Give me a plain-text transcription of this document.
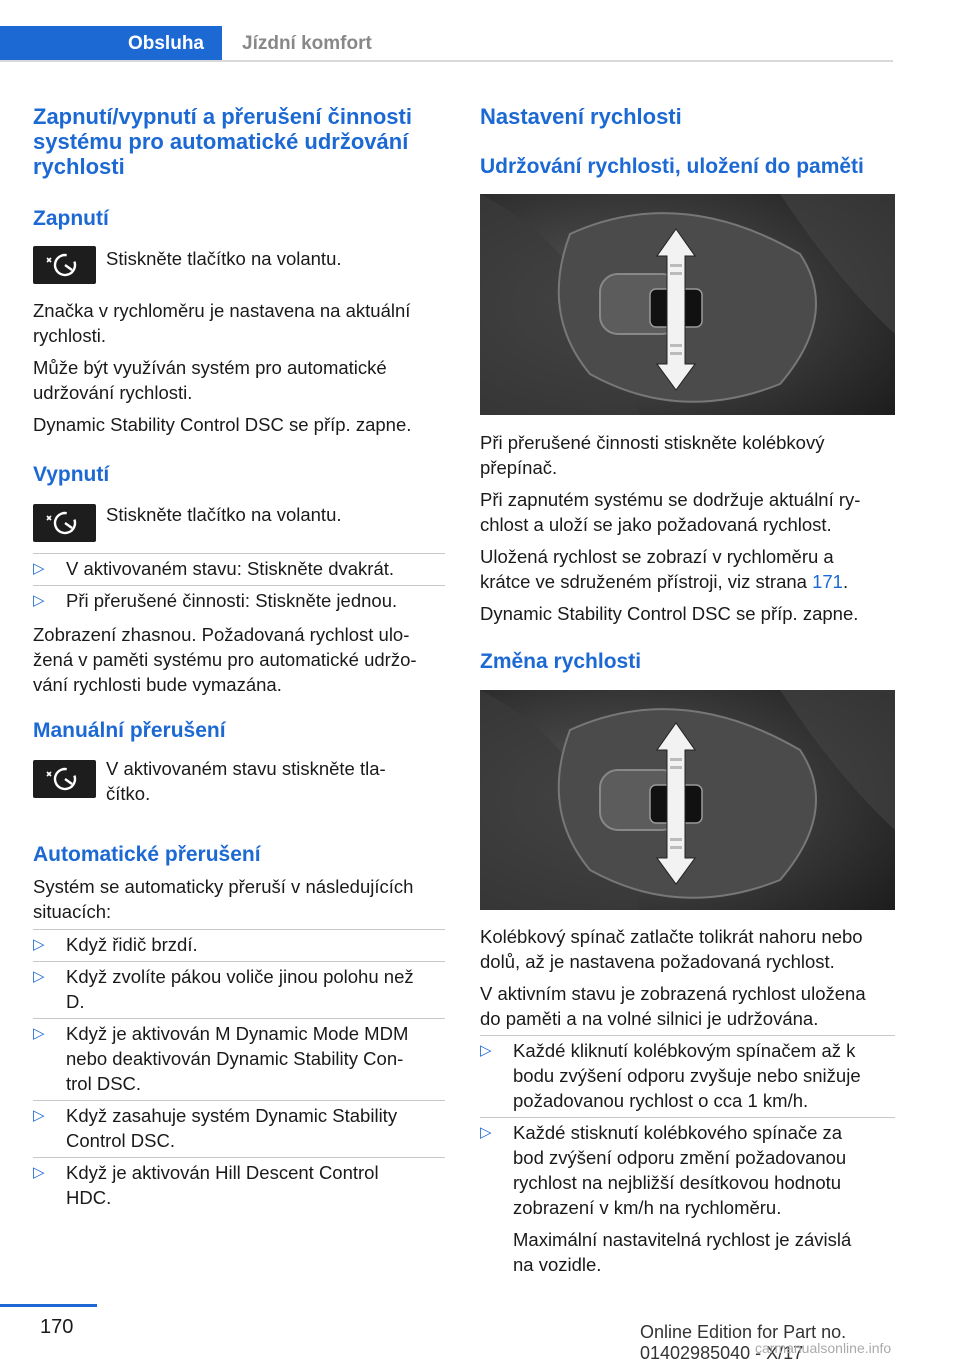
Obsluha	Jízdní komfort

Zapnutí/vypnutí a přerušení činnosti

systému pro automatické udržování

rychlosti

Zapnutí

Stiskněte tlačítko na volantu.

Značka v rychloměru je nastavena na aktuální

rychlosti.

Může být využíván systém pro automatické

udržování rychlosti.

Dynamic Stability Control DSC se příp. zapne.

Vypnutí

Stiskněte tlačítko na volantu.

▷ V aktivovaném stavu: Stiskněte dvakrát.

▷ Při přerušené činnosti: Stiskněte jednou.

Zobrazení zhasnou. Požadovaná rychlost ulo‐

žená v paměti systému pro automatické udržo‐

vání rychlosti bude vymazána.

Manuální přerušení

V aktivovaném stavu stiskněte tla‐

čítko.

Automatické přerušení

Systém se automaticky přeruší v následujících

situacích:

▷ Když řidič brzdí.

▷ Když zvolíte pákou voliče jinou polohu než

D.

▷ Když je aktivován M Dynamic Mode MDM

nebo deaktivován Dynamic Stability Con‐

trol DSC.

▷ Když zasahuje systém Dynamic Stability

Control DSC.

▷ Když je aktivován Hill Descent Control

HDC.

Nastavení rychlosti

Udržování rychlosti, uložení do paměti

Při přerušené činnosti stiskněte kolébkový

přepínač.

Při zapnutém systému se dodržuje aktuální ry‐

chlost a uloží se jako požadovaná rychlost.

Uložená rychlost se zobrazí v rychloměru a

krátce ve sdruženém přístroji, viz strana 171.

Dynamic Stability Control DSC se příp. zapne.

Změna rychlosti

Kolébkový spínač zatlačte tolikrát nahoru nebo

dolů, až je nastavena požadovaná rychlost.

V aktivním stavu je zobrazená rychlost uložena

do paměti a na volné silnici je udržována.

▷ Každé kliknutí kolébkovým spínačem až k

bodu zvýšení odporu zvyšuje nebo snižuje

požadovanou rychlost o cca 1 km/h.

▷ Každé stisknutí kolébkového spínače za

bod zvýšení odporu změní požadovanou

rychlost na nejbližší desítkovou hodnotu

zobrazení v km/h na rychloměru.

Maximální nastavitelná rychlost je závislá

na vozidle.

170	Online Edition for Part no. 01402985040 - X/17
carmanualsonline.info
